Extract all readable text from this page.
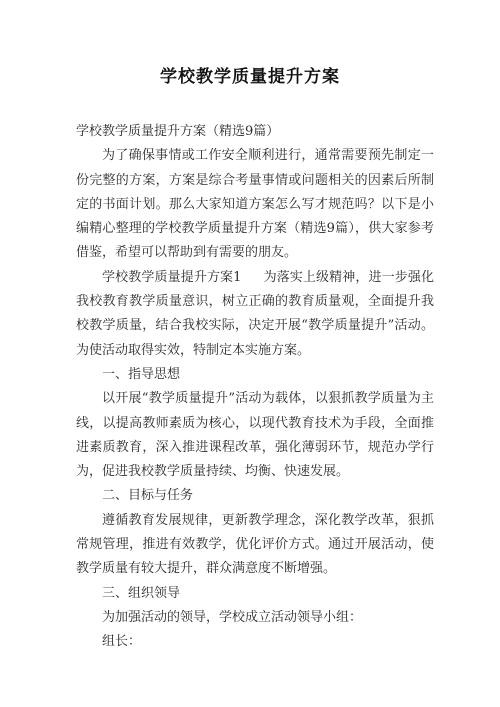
学校教学质量提升方案

学校教学质量提升方案（精选9篇）

为了确保事情或工作安全顺利进行，通常需要预先制定一份完整的方案，方案是综合考量事情或问题相关的因素后所制定的书面计划。那么大家知道方案怎么写才规范吗？以下是小编精心整理的学校教学质量提升方案（精选9篇），供大家参考借鉴，希望可以帮助到有需要的朋友。

学校教学质量提升方案1 为落实上级精神，进一步强化我校教育教学质量意识，树立正确的教育质量观，全面提升我校教学质量，结合我校实际，决定开展“教学质量提升”活动。为使活动取得实效，特制定本实施方案。

一、指导思想

以开展“教学质量提升”活动为载体，以狠抓教学质量为主线，以提高教师素质为核心，以现代教育技术为手段，全面推进素质教育，深入推进课程改革，强化薄弱环节，规范办学行为，促进我校教学质量持续、均衡、快速发展。

二、目标与任务

遵循教育发展规律，更新教学理念，深化教学改革，狠抓常规管理，推进有效教学，优化评价方式。通过开展活动，使教学质量有较大提升，群众满意度不断增强。

三、组织领导

为加强活动的领导，学校成立活动领导小组：

组长：
